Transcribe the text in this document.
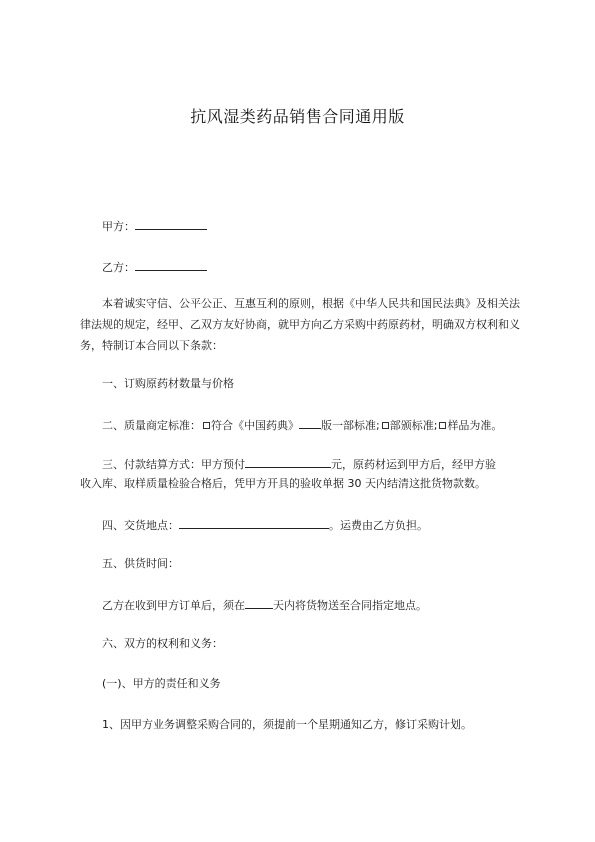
抗风湿类药品销售合同通用版
甲方：
乙方：
本着诚实守信、公平公正、互惠互利的原则，根据《中华人民共和国民法典》及相关法律法规的规定，经甲、乙双方友好协商，就甲方向乙方采购中药原药材，明确双方权利和义务，特制订本合同以下条款：
一、订购原药材数量与价格
二、质量商定标准： 符合《中国药典》 版一部标准; 部颁标准; 样品为准。
三、付款结算方式：甲方预付	元，原药材运到甲方后，经甲方验
收入库、取样质量检验合格后，凭甲方开具的验收单据 30 天内结清这批货物款数。
四、交货地点：	。运费由乙方负担。
五、供货时间：
乙方在收到甲方订单后，须在	天内将货物送至合同指定地点。
六、双方的权利和义务：
(一)、甲方的责任和义务
1、因甲方业务调整采购合同的，须提前一个星期通知乙方，修订采购计划。
